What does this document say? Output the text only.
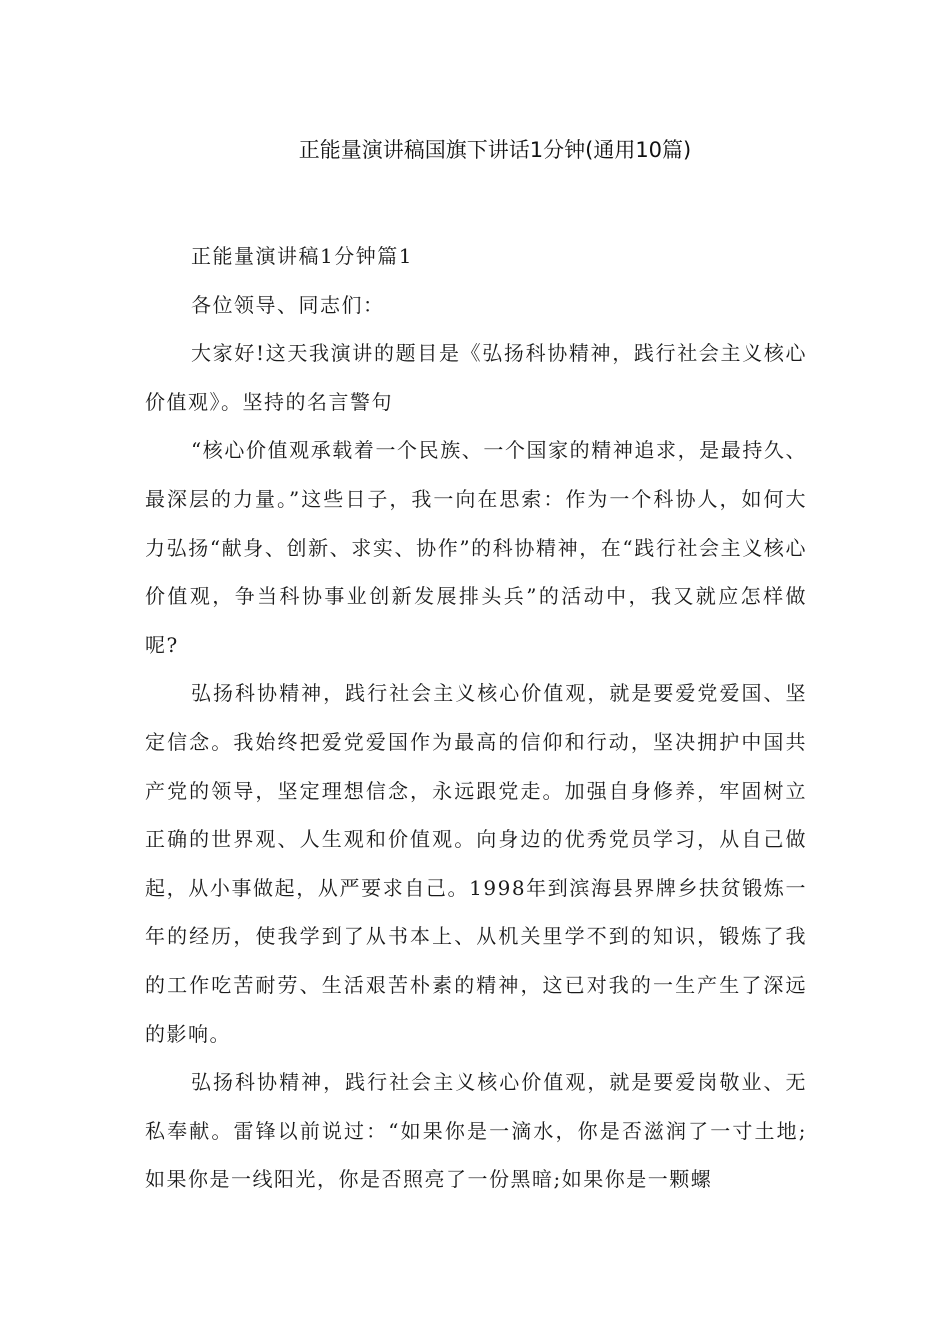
正能量演讲稿国旗下讲话1分钟(通用10篇)

正能量演讲稿1分钟篇1

各位领导、同志们：

大家好!这天我演讲的题目是《弘扬科协精神，践行社会主义核心价值观》。坚持的名言警句

“核心价值观承载着一个民族、一个国家的精神追求，是最持久、最深层的力量。”这些日子，我一向在思索：作为一个科协人，如何大力弘扬“献身、创新、求实、协作”的科协精神，在“践行社会主义核心价值观，争当科协事业创新发展排头兵”的活动中，我又就应怎样做呢?

弘扬科协精神，践行社会主义核心价值观，就是要爱党爱国、坚定信念。我始终把爱党爱国作为最高的信仰和行动，坚决拥护中国共产党的领导，坚定理想信念，永远跟党走。加强自身修养，牢固树立正确的世界观、人生观和价值观。向身边的优秀党员学习，从自己做起，从小事做起，从严要求自己。1998年到滨海县界牌乡扶贫锻炼一年的经历，使我学到了从书本上、从机关里学不到的知识，锻炼了我的工作吃苦耐劳、生活艰苦朴素的精神，这已对我的一生产生了深远的影响。

弘扬科协精神，践行社会主义核心价值观，就是要爱岗敬业、无私奉献。雷锋以前说过：“如果你是一滴水，你是否滋润了一寸土地;如果你是一线阳光，你是否照亮了一份黑暗;如果你是一颗螺
